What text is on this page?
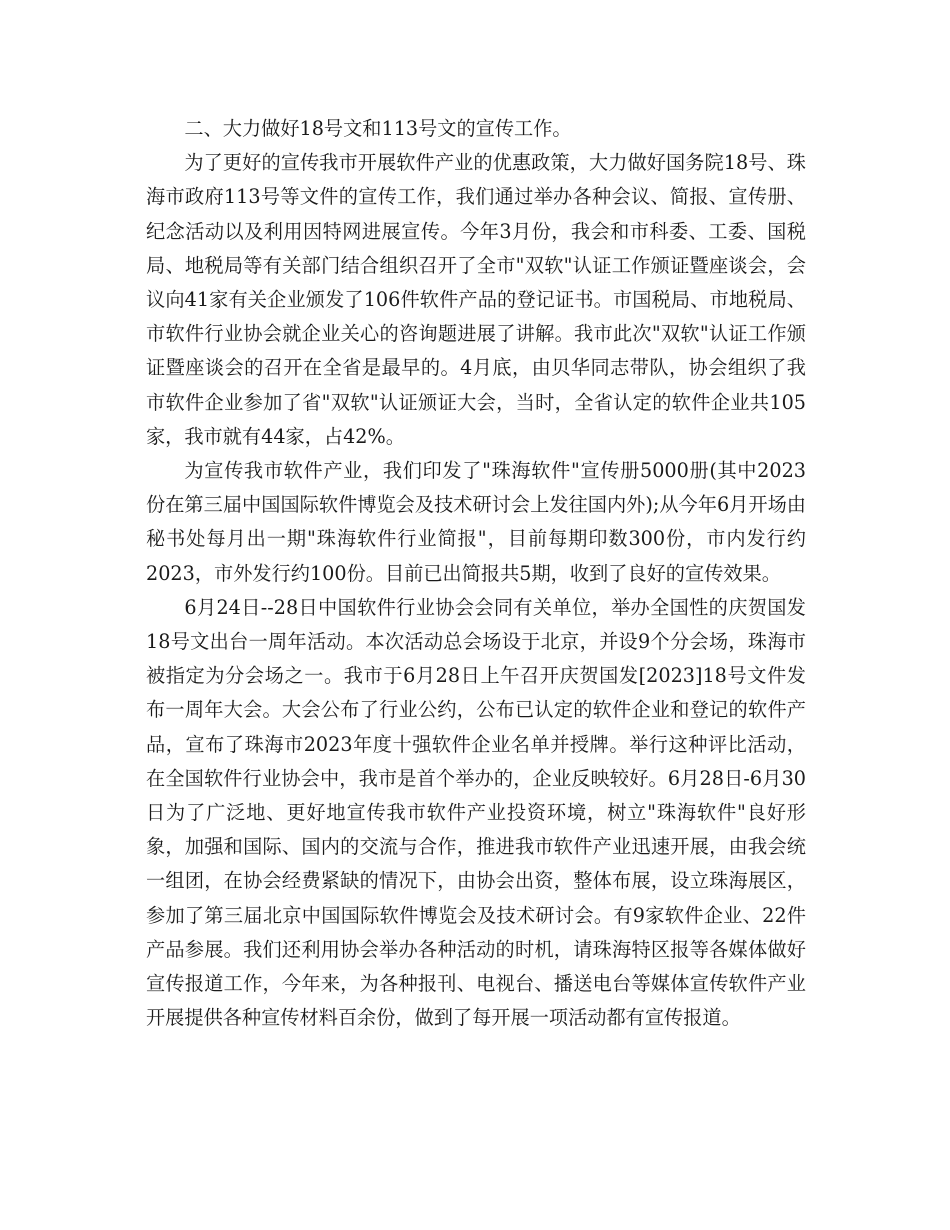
二、大力做好18号文和113号文的宣传工作。

为了更好的宣传我市开展软件产业的优惠政策，大力做好国务院18号、珠海市政府113号等文件的宣传工作，我们通过举办各种会议、简报、宣传册、纪念活动以及利用因特网进展宣传。今年3月份，我会和市科委、工委、国税局、地税局等有关部门结合组织召开了全市"双软"认证工作颁证暨座谈会，会议向41家有关企业颁发了106件软件产品的登记证书。市国税局、市地税局、市软件行业协会就企业关心的咨询题进展了讲解。我市此次"双软"认证工作颁证暨座谈会的召开在全省是最早的。4月底，由贝华同志带队，协会组织了我市软件企业参加了省"双软"认证颁证大会，当时，全省认定的软件企业共105家，我市就有44家，占42%。

为宣传我市软件产业，我们印发了"珠海软件"宣传册5000册(其中2023份在第三届中国国际软件博览会及技术研讨会上发往国内外);从今年6月开场由秘书处每月出一期"珠海软件行业简报"，目前每期印数300份，市内发行约2023，市外发行约100份。目前已出简报共5期，收到了良好的宣传效果。

6月24日--28日中国软件行业协会会同有关单位，举办全国性的庆贺国发18号文出台一周年活动。本次活动总会场设于北京，并设9个分会场，珠海市被指定为分会场之一。我市于6月28日上午召开庆贺国发[2023]18号文件发布一周年大会。大会公布了行业公约，公布已认定的软件企业和登记的软件产品，宣布了珠海市2023年度十强软件企业名单并授牌。举行这种评比活动，在全国软件行业协会中，我市是首个举办的，企业反映较好。6月28日-6月30日为了广泛地、更好地宣传我市软件产业投资环境，树立"珠海软件"良好形象，加强和国际、国内的交流与合作，推进我市软件产业迅速开展，由我会统一组团，在协会经费紧缺的情况下，由协会出资，整体布展，设立珠海展区，参加了第三届北京中国国际软件博览会及技术研讨会。有9家软件企业、22件产品参展。我们还利用协会举办各种活动的时机，请珠海特区报等各媒体做好宣传报道工作，今年来，为各种报刊、电视台、播送电台等媒体宣传软件产业开展提供各种宣传材料百余份，做到了每开展一项活动都有宣传报道。
